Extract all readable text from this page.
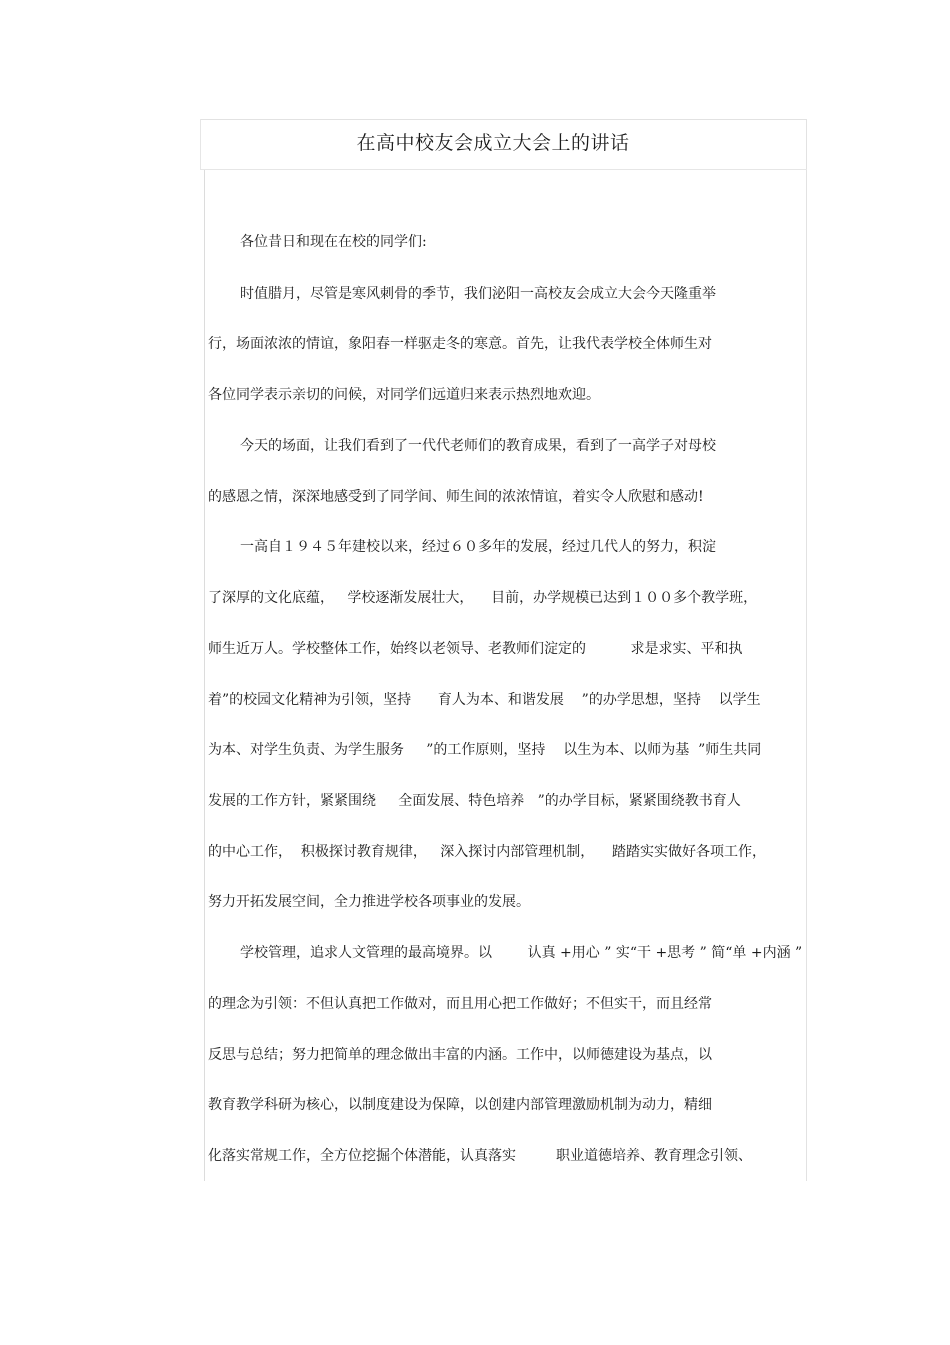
在高中校友会成立大会上的讲话

各位昔日和现在在校的同学们:

时值腊月，尽管是寒风刺骨的季节，我们泌阳一高校友会成立大会今天隆重举

行，场面浓浓的情谊，象阳春一样驱走冬的寒意。首先，让我代表学校全体师生对

各位同学表示亲切的问候，对同学们远道归来表示热烈地欢迎。

今天的场面，让我们看到了一代代老师们的教育成果，看到了一高学子对母校

的感恩之情，深深地感受到了同学间、师生间的浓浓情谊，着实令人欣慰和感动!

一高自１９４５年建校以来，经过６０多年的发展，经过几代人的努力，积淀

了深厚的文化底蕴，   学校逐渐发展壮大，    目前，办学规模已达到１００多个教学班，

师生近万人。学校整体工作，始终以老领导、老教师们淀定的          求是求实、平和执

着”的校园文化精神为引领，坚持      育人为本、和谐发展    ”的办学思想，坚持    以学生

为本、对学生负责、为学生服务     ”的工作原则，坚持    以生为本、以师为基  ”师生共同

发展的工作方针，紧紧围绕     全面发展、特色培养   ”的办学目标，紧紧围绕教书育人

的中心工作，  积极探讨教育规律，   深入探讨内部管理机制，    踏踏实实做好各项工作，

努力开拓发展空间，全力推进学校各项事业的发展。

学校管理，追求人文管理的最高境界。以        认真 +用心 ” 实“干 +思考 ” 简“单 +内涵 ”

的理念为引领：不但认真把工作做对，而且用心把工作做好；不但实干，而且经常

反思与总结；努力把简单的理念做出丰富的内涵。工作中，以师德建设为基点，以

教育教学科研为核心，以制度建设为保障，以创建内部管理激励机制为动力，精细

化落实常规工作，全方位挖掘个体潜能，认真落实         职业道德培养、教育理念引领、
